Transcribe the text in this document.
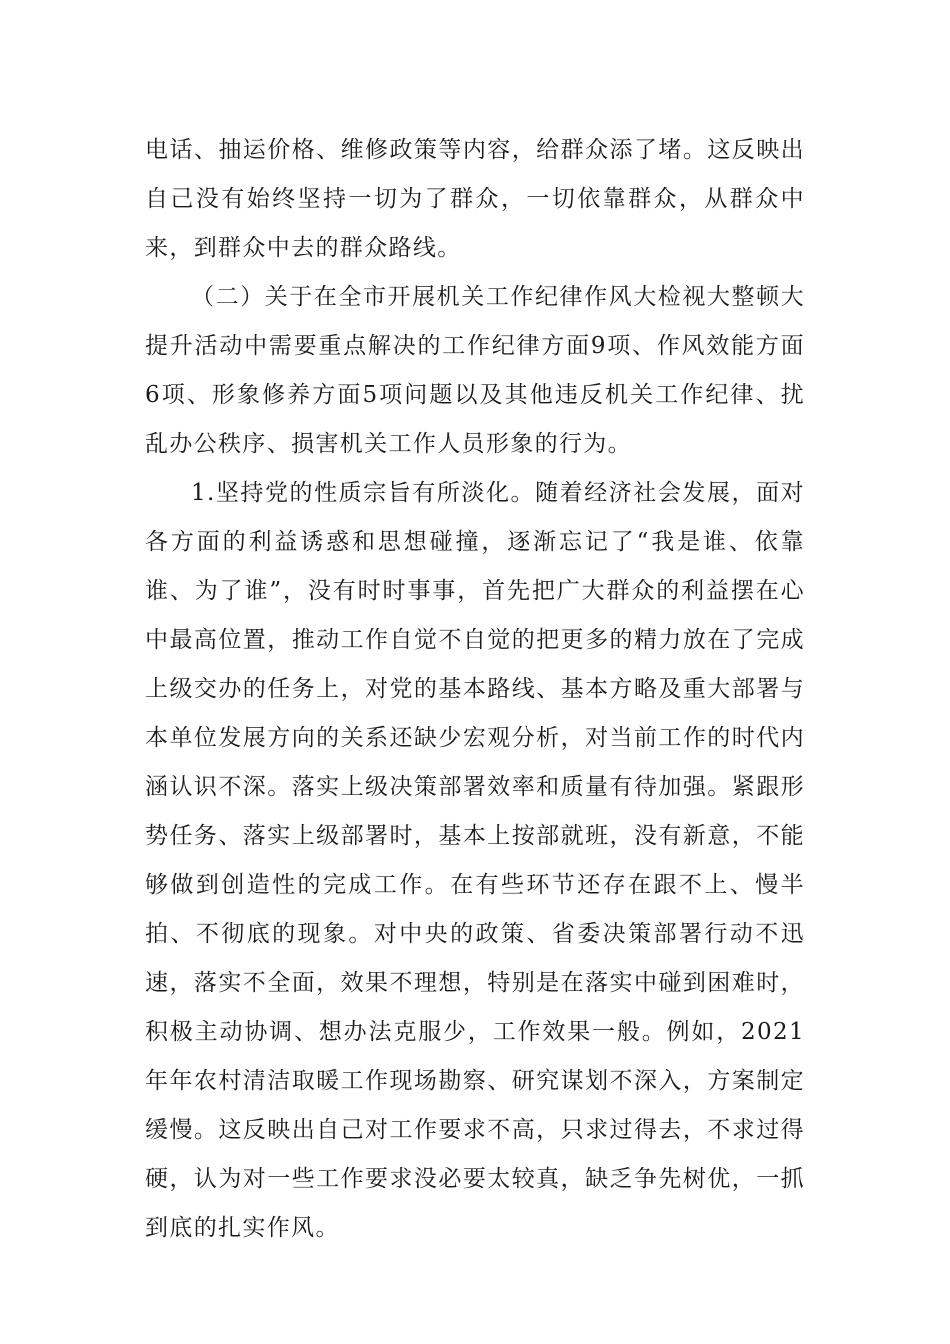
电话、抽运价格、维修政策等内容，给群众添了堵。这反映出自己没有始终坚持一切为了群众，一切依靠群众，从群众中来，到群众中去的群众路线。

（二）关于在全市开展机关工作纪律作风大检视大整顿大提升活动中需要重点解决的工作纪律方面9项、作风效能方面6项、形象修养方面5项问题以及其他违反机关工作纪律、扰乱办公秩序、损害机关工作人员形象的行为。

1.坚持党的性质宗旨有所淡化。随着经济社会发展，面对各方面的利益诱惑和思想碰撞，逐渐忘记了“我是谁、依靠谁、为了谁”，没有时时事事，首先把广大群众的利益摆在心中最高位置，推动工作自觉不自觉的把更多的精力放在了完成上级交办的任务上，对党的基本路线、基本方略及重大部署与本单位发展方向的关系还缺少宏观分析，对当前工作的时代内涵认识不深。落实上级决策部署效率和质量有待加强。紧跟形势任务、落实上级部署时，基本上按部就班，没有新意，不能够做到创造性的完成工作。在有些环节还存在跟不上、慢半拍、不彻底的现象。对中央的政策、省委决策部署行动不迅速，落实不全面，效果不理想，特别是在落实中碰到困难时，积极主动协调、想办法克服少，工作效果一般。例如，2021年年农村清洁取暖工作现场勘察、研究谋划不深入，方案制定缓慢。这反映出自己对工作要求不高，只求过得去，不求过得硬，认为对一些工作要求没必要太较真，缺乏争先树优，一抓到底的扎实作风。
